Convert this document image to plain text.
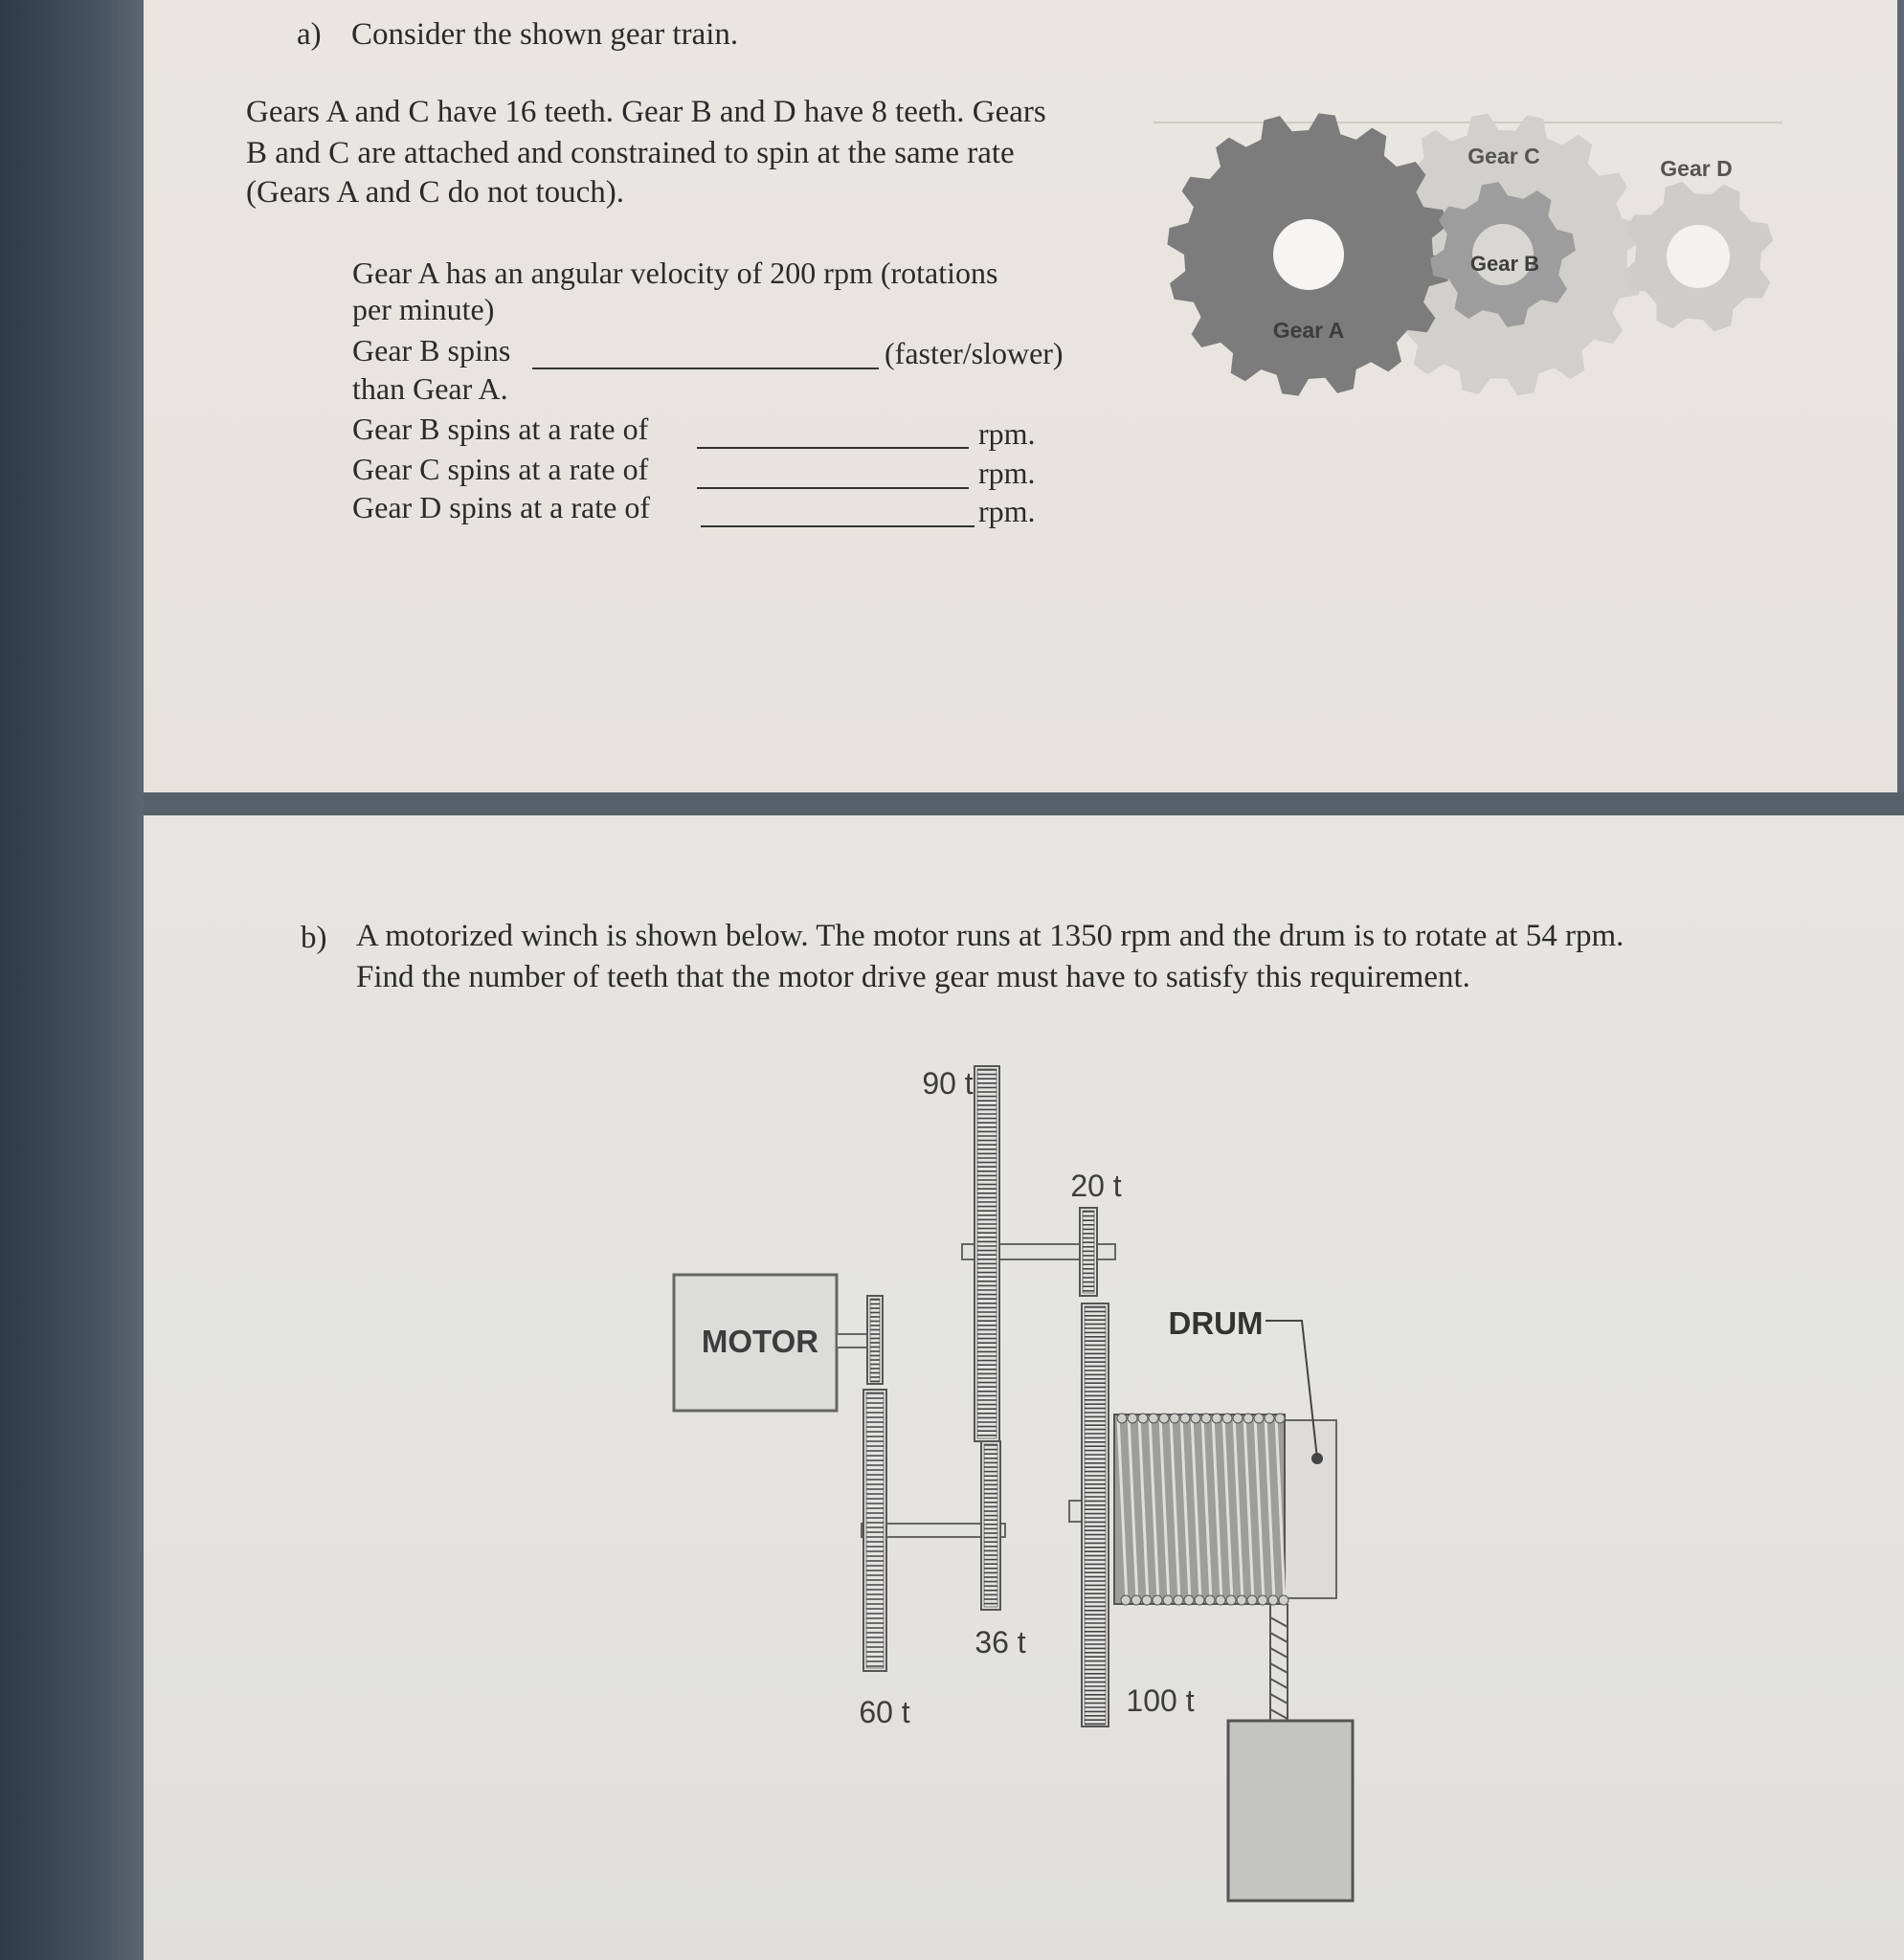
a) Consider the shown gear train.
Gears A and C have 16 teeth. Gear B and D have 8 teeth. Gears
B and C are attached and constrained to spin at the same rate
(Gears A and C do not touch).
Gear A has an angular velocity of 200 rpm (rotations
per minute)
Gear B spins	(faster/slower)
than Gear A.
Gear B spins at a rate of	rpm.
Gear C spins at a rate of	rpm.
Gear D spins at a rate of	rpm.
Gear A
Gear B
Gear C	Gear D
b) A motorized winch is shown below. The motor runs at 1350 rpm and the drum is to rotate at 54 rpm.
Find the number of teeth that the motor drive gear must have to satisfy this requirement.
MOTOR
DRUM
90 t
20 t
36 t
60 t	100 t
